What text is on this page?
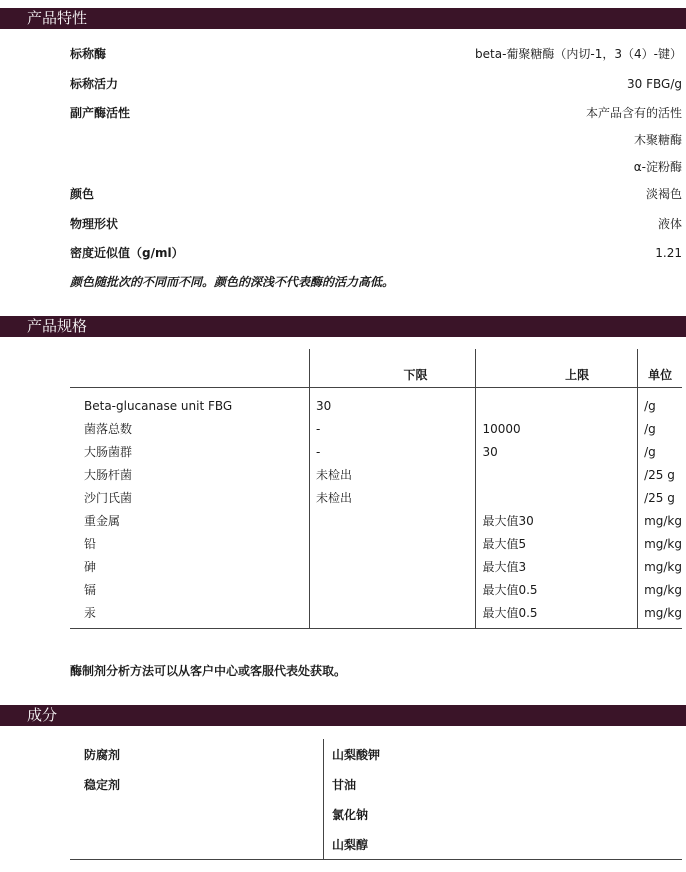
产品特性
标称酶	beta-葡聚糖酶（内切-1，3（4）-键）
标称活力	30 FBG/g
副产酶活性	本产品含有的活性
木聚糖酶
α-淀粉酶
颜色	淡褐色
物理形状	液体
密度近似值（g/ml）	1.21
颜色随批次的不同而不同。颜色的深浅不代表酶的活力高低。
产品规格
	下限	上限	单位
Beta-glucanase unit FBG	30		/g
菌落总数	-	10000	/g
大肠菌群	-	30	/g
大肠杆菌	未检出		/25 g
沙门氏菌	未检出		/25 g
重金属		最大值30	mg/kg
铅		最大值5	mg/kg
砷		最大值3	mg/kg
镉		最大值0.5	mg/kg
汞		最大值0.5	mg/kg
酶制剂分析方法可以从客户中心或客服代表处获取。
成分
防腐剂	山梨酸钾
稳定剂	甘油
	氯化钠
	山梨醇
